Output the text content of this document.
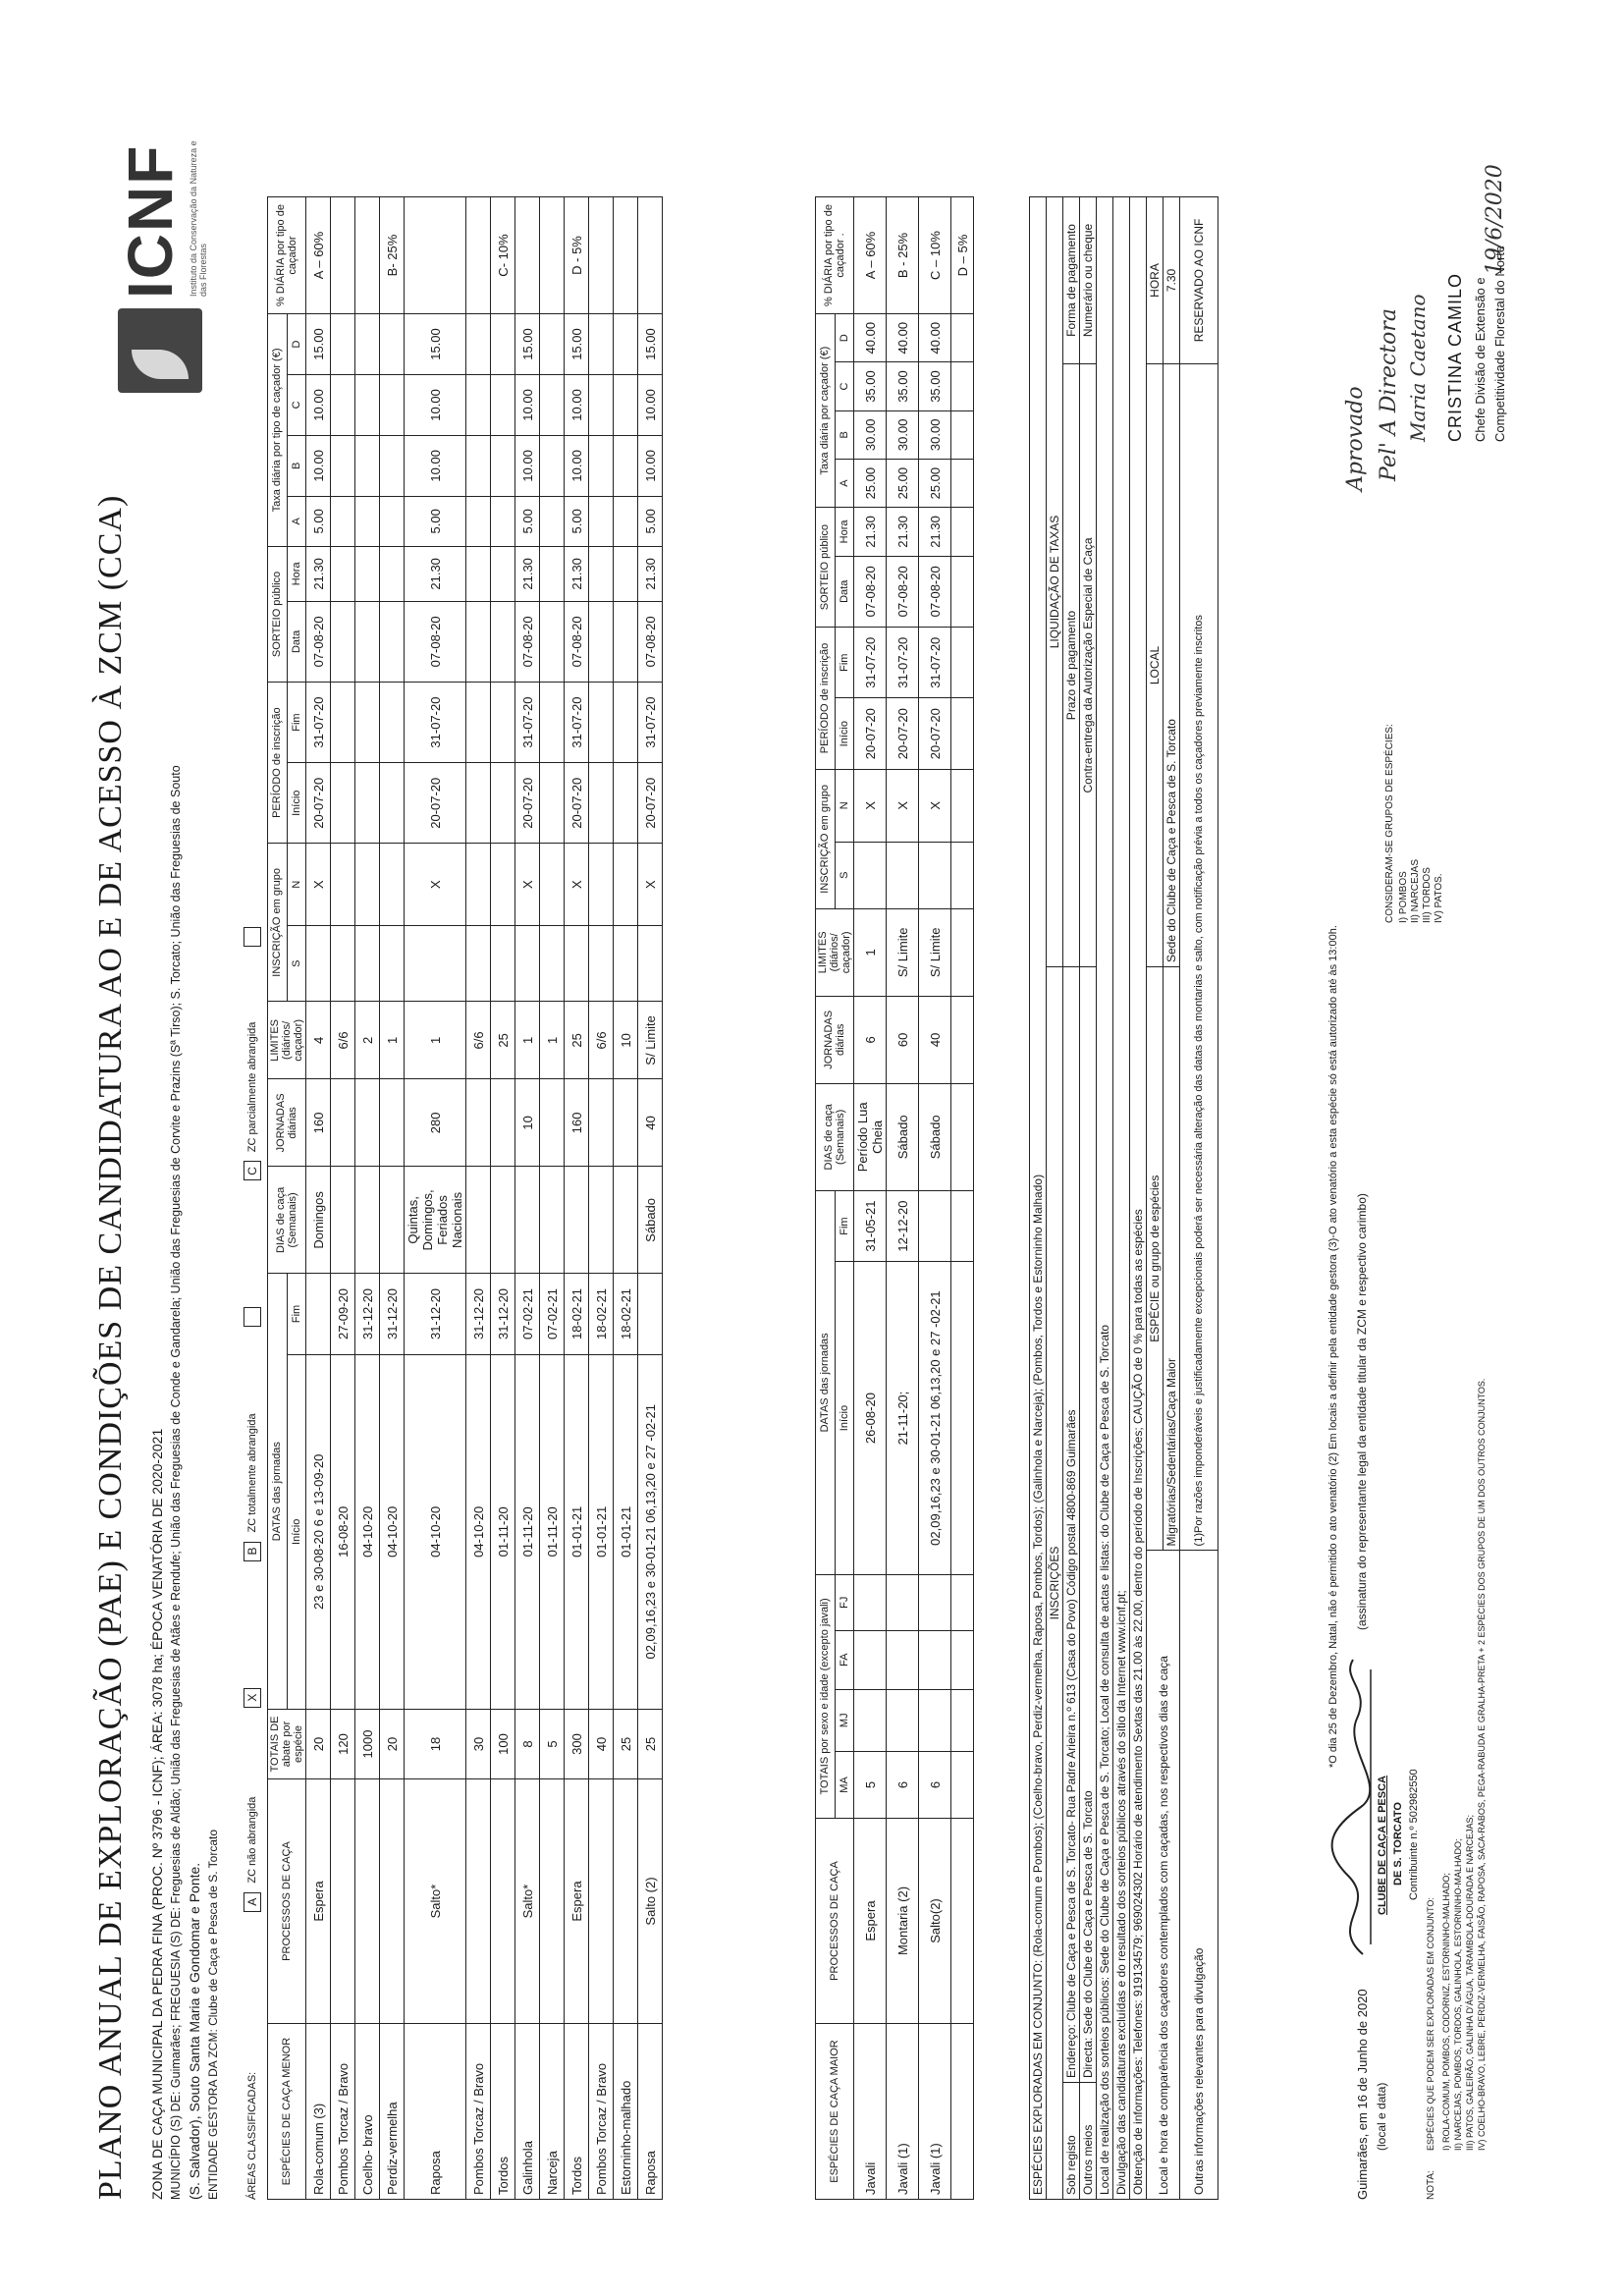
PLANO ANUAL DE EXPLORAÇÃO (PAE) E CONDIÇÕES DE CANDIDATURA AO E DE ACESSO À ZCM (CCA)
ICNF Instituto da Conservação da Natureza e das Florestas
ZONA DE CAÇA MUNICIPAL DA PEDRA FINA (PROC. Nº 3796 - ICNF); ÁREA: 3078 ha; ÉPOCA VENATÓRIA DE 2020-2021 MUNICÍPIO (S) DE: Guimarães; FREGUESIA (S) DE: Freguesias de Aldão; União das Freguesias de Atães e Rendufe; União das Freguesias de Conde e Gandarela; União das Freguesias de Corvite e Prazins (Sª Tirso); S. Torcato; União das Freguesias de Souto (S. Salvador), Souto Santa Maria e Gondomar e Ponte. ENTIDADE GESTORA DA ZCM: Clube de Caça e Pesca de S. Torcato ÁREAS CLASSIFICADAS: A ZC não abrangida X B ZC totalmente abrangida  C ZC parcialmente abrangida
ESPÉCIES DE CAÇA MENOR	PROCESSOS DE CAÇA	TOTAIS DE abate por espécie	DATAS das jornadas		DIAS de caça (Semanais)	JORNADAS diárias	LIMITES (diários/ caçador)	INSCRIÇÃO em grupo		PERÍODO de inscrição		SORTEIO público		Taxa diária por tipo de caçador (€)				% DIÁRIA por tipo de caçador
			Início	Fim				S	N	Início	Fim	Data	Hora	A	B	C	D	
Rola-comum (3)	Espera	20	23 e 30-08-20 6 e 13-09-20		Domingos	160	4		X	20-07-20	31-07-20	07-08-20	21.30	5.00	10.00	10.00	15.00	A – 60%
Pombos Torcaz / Bravo		120	16-08-20	27-09-20			6/6											
Coelho- bravo		1000	04-10-20	31-12-20			2											
Perdiz-vermelha		20	04-10-20	31-12-20			1											B- 25%
Raposa	Salto*	18	04-10-20	31-12-20	Quintas, Domingos, Feriados Nacionais	280	1		X	20-07-20	31-07-20	07-08-20	21.30	5.00	10.00	10.00	15.00	
Pombos Torcaz / Bravo		30	04-10-20	31-12-20			6/6											
Tordos		100	01-11-20	31-12-20			25											C- 10%
Galinhola	Salto*	8	01-11-20	07-02-21		10	1		X	20-07-20	31-07-20	07-08-20	21.30	5.00	10.00	10.00	15.00	
Narceja		5	01-11-20	07-02-21			1											
Tordos	Espera	300	01-01-21	18-02-21		160	25		X	20-07-20	31-07-20	07-08-20	21.30	5.00	10.00	10.00	15.00	D - 5%
Pombos Torcaz / Bravo		40	01-01-21	18-02-21			6/6											
Estorninho-malhado		25	01-01-21	18-02-21			10											
Raposa	Salto (2)	25	02,09,16,23 e 30-01-21 06,13,20 e 27 -02-21		Sábado	40	S/ Limite		X	20-07-20	31-07-20	07-08-20	21.30	5.00	10.00	10.00	15.00	
ESPÉCIES DE CAÇA MAIOR	PROCESSOS DE CAÇA	TOTAIS por sexo e idade (excepto javali)				DATAS das jornadas		DIAS de caça (Semanais)	JORNADAS diárias	LIMITES (diários/ caçador)	INSCRIÇÃO em grupo		PERÍODO de inscrição		SORTEIO público		Taxa diária por caçador (€)				% DIÁRIA por tipo de caçador .
		MA	MJ	FA	FJ	Início	Fim				S	N	Início	Fim	Data	Hora	A	B	C	D	
Javali	Espera	5				26-08-20	31-05-21	Período Lua Cheia	6	1		X	20-07-20	31-07-20	07-08-20	21.30	25.00	30.00	35.00	40.00	A – 60%
Javali (1)	Montaria (2)	6				21-11-20;	12-12-20	Sábado	60	S/ Limite		X	20-07-20	31-07-20	07-08-20	21.30	25.00	30.00	35.00	40.00	B - 25%
Javali (1)	Salto(2)	6				02,09,16,23 e 30-01-21 06,13,20 e 27 -02-21		Sábado	40	S/ Limite		X	20-07-20	31-07-20	07-08-20	21.30	25.00	30.00	35.00	40.00	C – 10%
																					D – 5%
ESPÉCIES EXPLORADAS EM CONJUNTO: (Rola-comum e Pombos); (Coelho-bravo, Perdiz-vermelha, Raposa, Pombos, Tordos); (Galinhola e Narceja); (Pombos, Tordos e Estorninho Malhado)				
INSCRIÇÕES			LIQUIDAÇÃO DE TAXAS	
Sob registo	Endereço: Clube de Caça e Pesca de S. Torcato- Rua Padre Arieira n.º 613 (Casa do Povo) Código postal 4800-869 Guimarães		Prazo de pagamento	Forma de pagamento
Outros meios	Directa: Sede do Clube de Caça e Pesca de S. Torcato		Contra-entrega da Autorização Especial de Caça	Numerário ou cheque
Local de realização dos sorteios públicos: Sede do Clube de Caça e Pesca de S. Torcato; Local de consulta de actas e listas: do Clube de Caça e Pesca de S. Torcato				
Divulgação das candidaturas excluídas e do resultado dos sorteios públicos através do sítio da Internet www.icnf.pt;				
Obtenção de informações: Telefones: 919134579; 969024302 Horário de atendimento Sextas das 21.00 às 22.00, dentro do período de Inscrições; CAUÇÃO de 0 % para todas as espécies				
Local e hora de comparência dos caçadores contemplados com caçadas, nos respectivos dias de caça		ESPÉCIE ou grupo de espécies	LOCAL	HORA
		Migratórias/Sedentárias/Caça Maior	Sede do Clube de Caça e Pesca de S. Torcato	7.30
Outras informações relevantes para divulgação		(1)Por razões imponderáveis e justificadamente excepcionais poderá ser necessária alteração das datas das montarias e salto, com notificação prévia a todos os caçadores previamente inscritos		RESERVADO AO ICNF
*O dia 25 de Dezembro, Natal, não é permitido o ato venatório (2) Em locais a definir pela entidade gestora (3)-O ato venatório a esta espécie só está autorizado até às 13:00h.
Guimarães, em 16 de Junho de 2020 (local e data)
(assinatura do representante legal da entidade titular da ZCM e respectivo carimbo)
CLUBE DE CAÇA E PESCA DE S. TORCATO Contribuinte n.º 502982550
NOTA:
ESPÉCIES QUE PODEM SER EXPLORADAS EM CONJUNTO: I) ROLA-COMUM, POMBOS, CODORNIZ, ESTORNINHO-MALHADO; II) NARCEJAS, POMBOS, TORDOS, GALINHOLA, ESTORNINHO-MALHADO; III) PATOS, GALEIRÃO, GALINHA D'ÁGUA, TARAMBOLA-DOURADA E NARCEJAS; IV) COELHO-BRAVO, LEBRE, PERDIZ-VERMELHA, FAISÃO, RAPOSA, SACA-RABOS, PEGA-RABUDA E GRALHA-PRETA + 2 ESPÉCIES DOS GRUPOS DE UM DOS OUTROS CONJUNTOS.
CONSIDERAM-SE GRUPOS DE ESPÉCIES: I) POMBOS II) NARCEJAS III) TORDOS IV) PATOS.
Aprovado Pel' A Directora Maria Caetano
19/6/2020
CRISTINA CAMILO Chefe Divisão de Extensão e Competitividade Florestal do Norte
